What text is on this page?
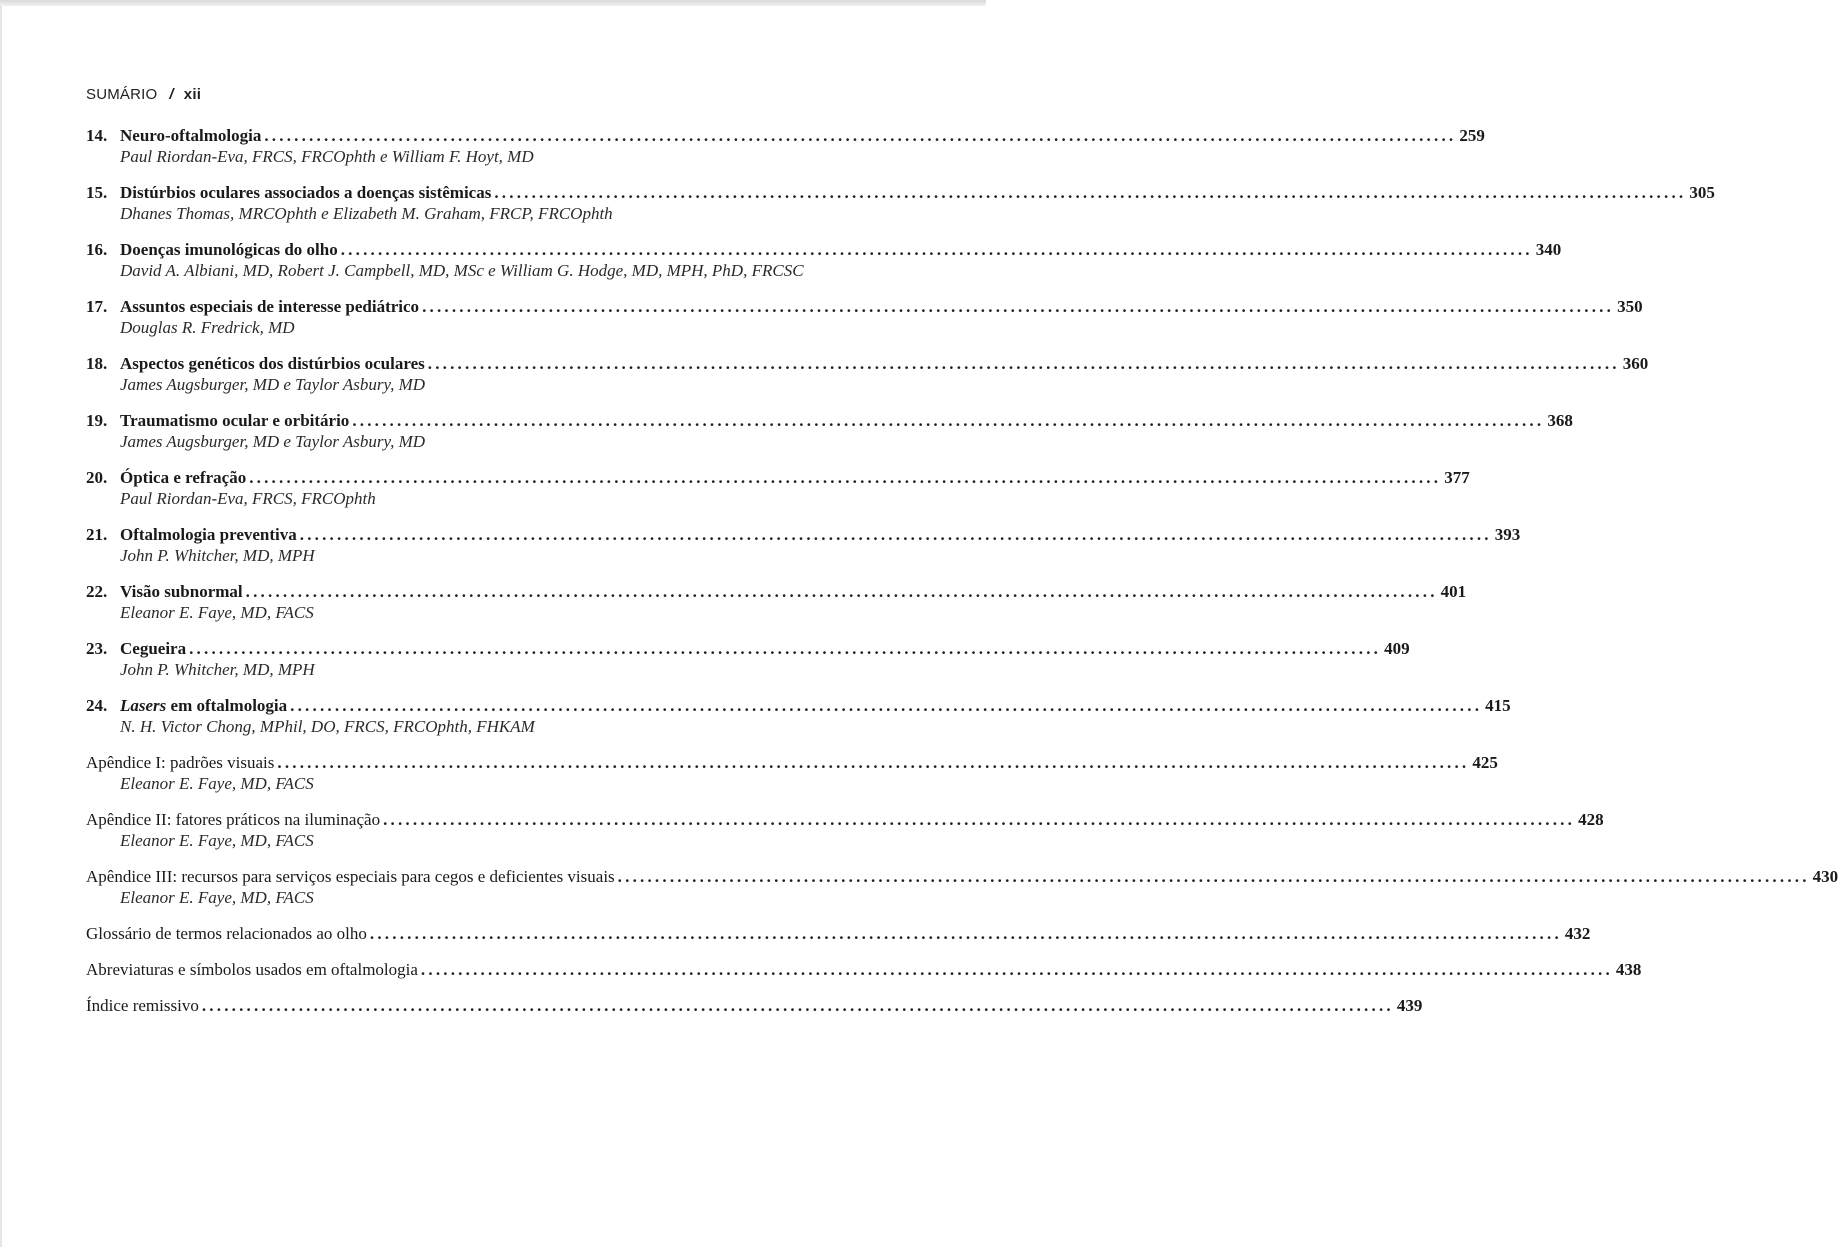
SUMÁRIO / xii
14. Neuro-oftalmologia ................................................................................................................................................................ 259
Paul Riordan-Eva, FRCS, FRCOphth e William F. Hoyt, MD
15. Distúrbios oculares associados a doenças sistêmicas ................................................................................................................................................................ 305
Dhanes Thomas, MRCOphth e Elizabeth M. Graham, FRCP, FRCOphth
16. Doenças imunológicas do olho ................................................................................................................................................................ 340
David A. Albiani, MD, Robert J. Campbell, MD, MSc e William G. Hodge, MD, MPH, PhD, FRCSC
17. Assuntos especiais de interesse pediátrico ................................................................................................................................................................ 350
Douglas R. Fredrick, MD
18. Aspectos genéticos dos distúrbios oculares ................................................................................................................................................................ 360
James Augsburger, MD e Taylor Asbury, MD
19. Traumatismo ocular e orbitário ................................................................................................................................................................ 368
James Augsburger, MD e Taylor Asbury, MD
20. Óptica e refração ................................................................................................................................................................ 377
Paul Riordan-Eva, FRCS, FRCOphth
21. Oftalmologia preventiva ................................................................................................................................................................ 393
John P. Whitcher, MD, MPH
22. Visão subnormal ................................................................................................................................................................ 401
Eleanor E. Faye, MD, FACS
23. Cegueira ................................................................................................................................................................ 409
John P. Whitcher, MD, MPH
24. Lasers em oftalmologia ................................................................................................................................................................ 415
N. H. Victor Chong, MPhil, DO, FRCS, FRCOphth, FHKAM
Apêndice I: padrões visuais ................................................................................................................................................................ 425
Eleanor E. Faye, MD, FACS
Apêndice II: fatores práticos na iluminação ................................................................................................................................................................ 428
Eleanor E. Faye, MD, FACS
Apêndice III: recursos para serviços especiais para cegos e deficientes visuais ................................................................................................................................................................ 430
Eleanor E. Faye, MD, FACS
Glossário de termos relacionados ao olho ................................................................................................................................................................ 432
Abreviaturas e símbolos usados em oftalmologia ................................................................................................................................................................ 438
Índice remissivo ................................................................................................................................................................ 439
